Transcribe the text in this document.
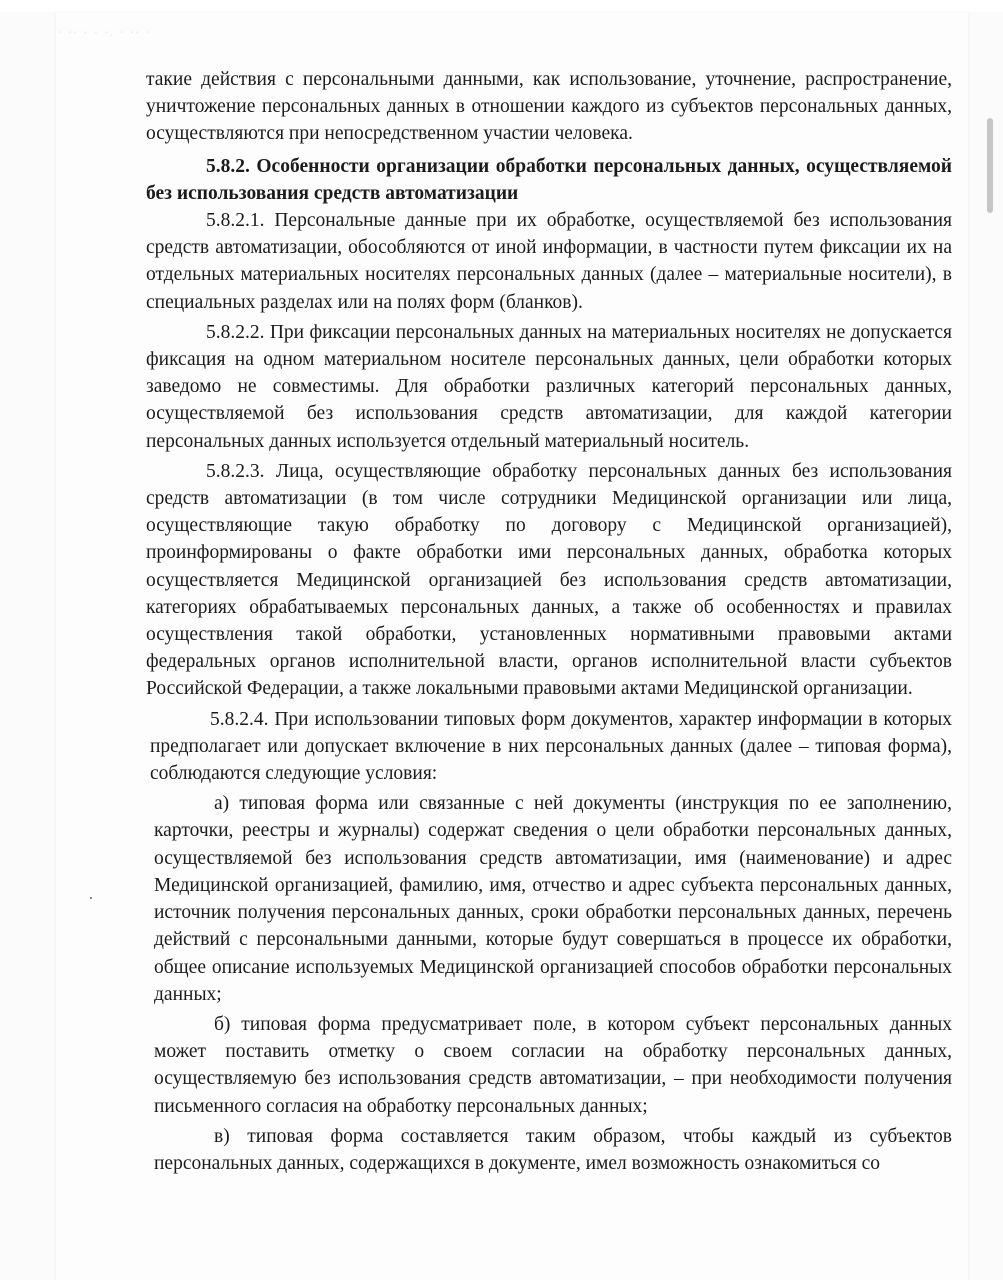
· ·· · · ·. · ·· ·

такие действия с персональными данными, как использование, уточнение, распространение, уничтожение персональных данных в отношении каждого из субъектов персональных данных, осуществляются при непосредственном участии человека.

5.8.2. Особенности организации обработки персональных данных, осуществляемой без использования средств автоматизации

5.8.2.1. Персональные данные при их обработке, осуществляемой без использования средств автоматизации, обособляются от иной информации, в частности путем фиксации их на отдельных материальных носителях персональных данных (далее – материальные носители), в специальных разделах или на полях форм (бланков).

5.8.2.2. При фиксации персональных данных на материальных носителях не допускается фиксация на одном материальном носителе персональных данных, цели обработки которых заведомо не совместимы. Для обработки различных категорий персональных данных, осуществляемой без использования средств автоматизации, для каждой категории персональных данных используется отдельный материальный носитель.

5.8.2.3. Лица, осуществляющие обработку персональных данных без использования средств автоматизации (в том числе сотрудники Медицинской организации или лица, осуществляющие такую обработку по договору с Медицинской организацией), проинформированы о факте обработки ими персональных данных, обработка которых осуществляется Медицинской организацией без использования средств автоматизации, категориях обрабатываемых персональных данных, а также об особенностях и правилах осуществления такой обработки, установленных нормативными правовыми актами федеральных органов исполнительной власти, органов исполнительной власти субъектов Российской Федерации, а также локальными правовыми актами Медицинской организации.

5.8.2.4. При использовании типовых форм документов, характер информации в которых предполагает или допускает включение в них персональных данных (далее – типовая форма), соблюдаются следующие условия:

а) типовая форма или связанные с ней документы (инструкция по ее заполнению, карточки, реестры и журналы) содержат сведения о цели обработки персональных данных, осуществляемой без использования средств автоматизации, имя (наименование) и адрес Медицинской организацией, фамилию, имя, отчество и адрес субъекта персональных данных, источник получения персональных данных, сроки обработки персональных данных, перечень действий с персональными данными, которые будут совершаться в процессе их обработки, общее описание используемых Медицинской организацией способов обработки персональных данных;

б) типовая форма предусматривает поле, в котором субъект персональных данных может поставить отметку о своем согласии на обработку персональных данных, осуществляемую без использования средств автоматизации, – при необходимости получения письменного согласия на обработку персональных данных;

в) типовая форма составляется таким образом, чтобы каждый из субъектов персональных данных, содержащихся в документе, имел возможность ознакомиться со
